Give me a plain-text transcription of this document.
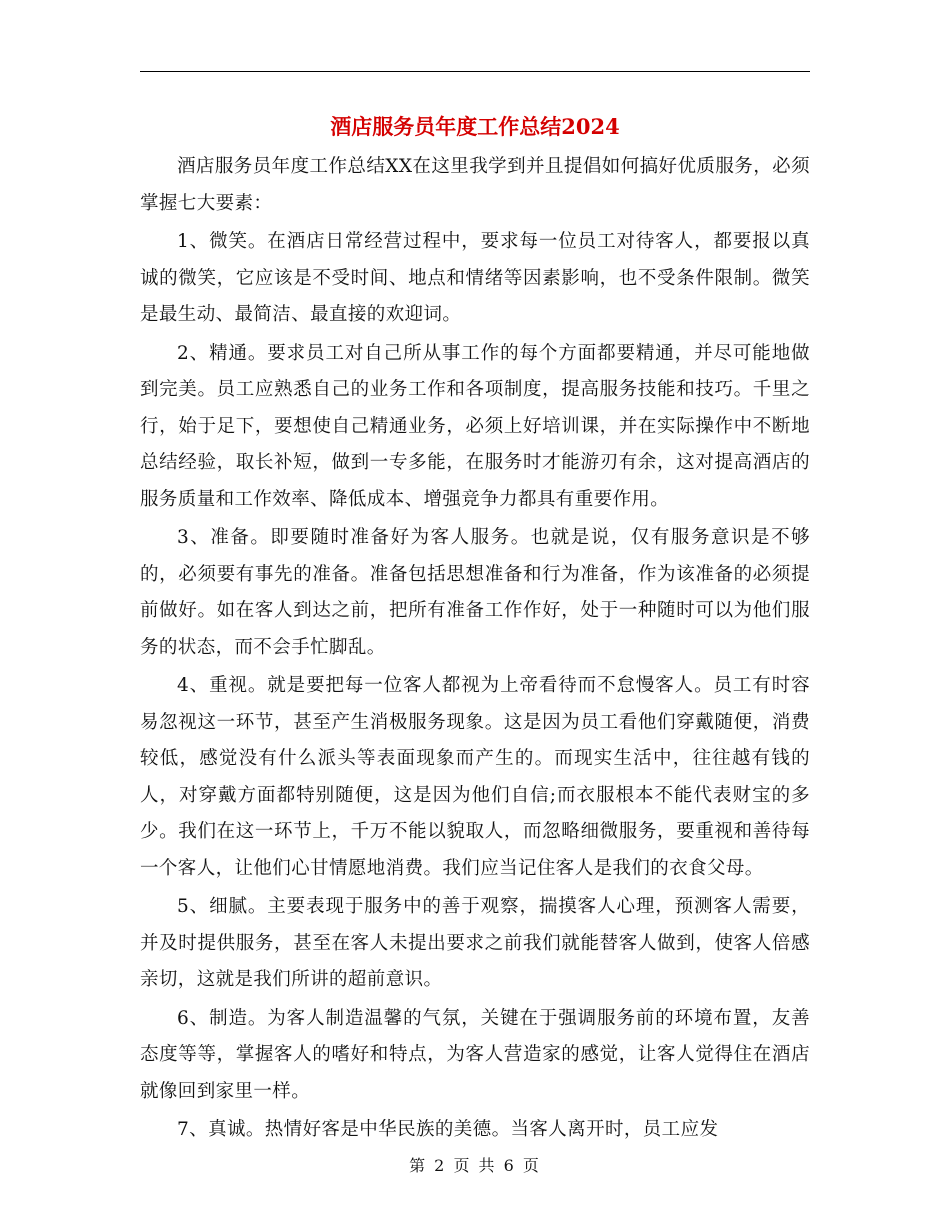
酒店服务员年度工作总结2024

酒店服务员年度工作总结XX在这里我学到并且提倡如何搞好优质服务，必须掌握七大要素：

1、微笑。在酒店日常经营过程中，要求每一位员工对待客人，都要报以真诚的微笑，它应该是不受时间、地点和情绪等因素影响，也不受条件限制。微笑是最生动、最简洁、最直接的欢迎词。

2、精通。要求员工对自己所从事工作的每个方面都要精通，并尽可能地做到完美。员工应熟悉自己的业务工作和各项制度，提高服务技能和技巧。千里之行，始于足下，要想使自己精通业务，必须上好培训课，并在实际操作中不断地总结经验，取长补短，做到一专多能，在服务时才能游刃有余，这对提高酒店的服务质量和工作效率、降低成本、增强竞争力都具有重要作用。

3、准备。即要随时准备好为客人服务。也就是说，仅有服务意识是不够的，必须要有事先的准备。准备包括思想准备和行为准备，作为该准备的必须提前做好。如在客人到达之前，把所有准备工作作好，处于一种随时可以为他们服务的状态，而不会手忙脚乱。

4、重视。就是要把每一位客人都视为上帝看待而不怠慢客人。员工有时容易忽视这一环节，甚至产生消极服务现象。这是因为员工看他们穿戴随便，消费较低，感觉没有什么派头等表面现象而产生的。而现实生活中，往往越有钱的人，对穿戴方面都特别随便，这是因为他们自信;而衣服根本不能代表财宝的多少。我们在这一环节上，千万不能以貌取人，而忽略细微服务，要重视和善待每一个客人，让他们心甘情愿地消费。我们应当记住客人是我们的衣食父母。

5、细腻。主要表现于服务中的善于观察，揣摸客人心理，预测客人需要，并及时提供服务，甚至在客人未提出要求之前我们就能替客人做到，使客人倍感亲切，这就是我们所讲的超前意识。

6、制造。为客人制造温馨的气氛，关键在于强调服务前的环境布置，友善态度等等，掌握客人的嗜好和特点，为客人营造家的感觉，让客人觉得住在酒店就像回到家里一样。

7、真诚。热情好客是中华民族的美德。当客人离开时，员工应发

第 2 页 共 6 页
